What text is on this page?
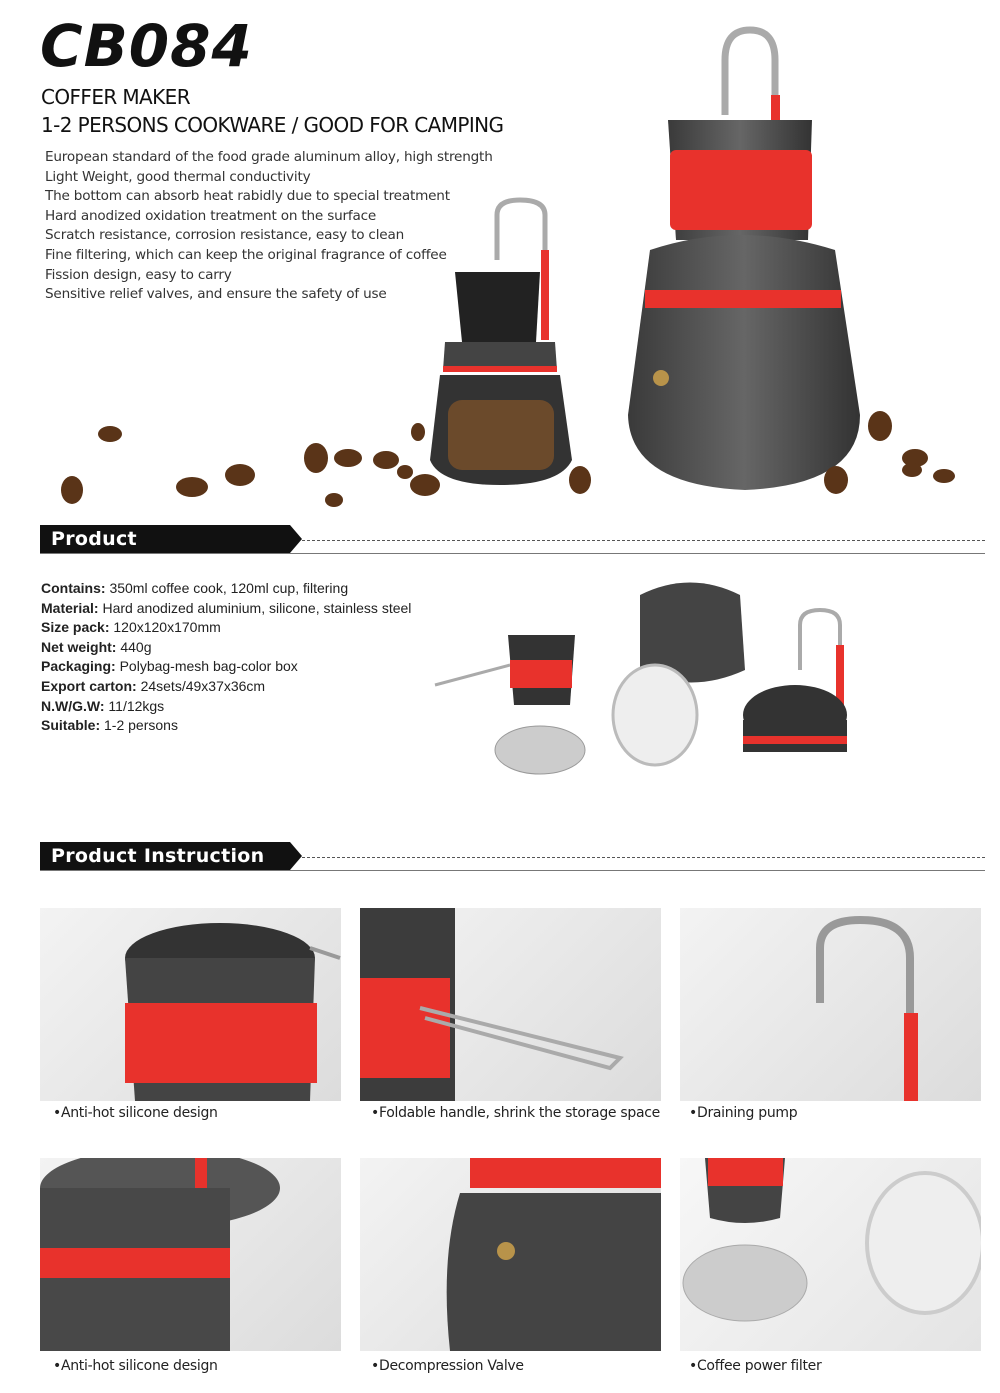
CB084
COFFER MAKER
1-2 PERSONS COOKWARE / GOOD FOR CAMPING
European standard of the food grade aluminum alloy, high strength
Light Weight, good thermal conductivity
The bottom can absorb heat rabidly due to special treatment
Hard anodized oxidation treatment on the surface
Scratch resistance, corrosion resistance, easy to clean
Fine filtering, which can keep the original fragrance of coffee
Fission design, easy to carry
Sensitive relief valves, and ensure the safety of use
Product Specifications
Contains: 350ml coffee cook, 120ml cup, filtering
Material: Hard anodized aluminium, silicone, stainless steel
Size pack: 120x120x170mm
Net weight: 440g
Packaging: Polybag-mesh bag-color box
Export carton: 24sets/49x37x36cm
N.W/G.W: 11/12kgs
Suitable: 1-2 persons
Product Instruction
•Anti-hot silicone design	•Foldable handle, shrink the storage space •Draining pump
•Anti-hot silicone design	•Decompression Valve	•Coffee power filter
